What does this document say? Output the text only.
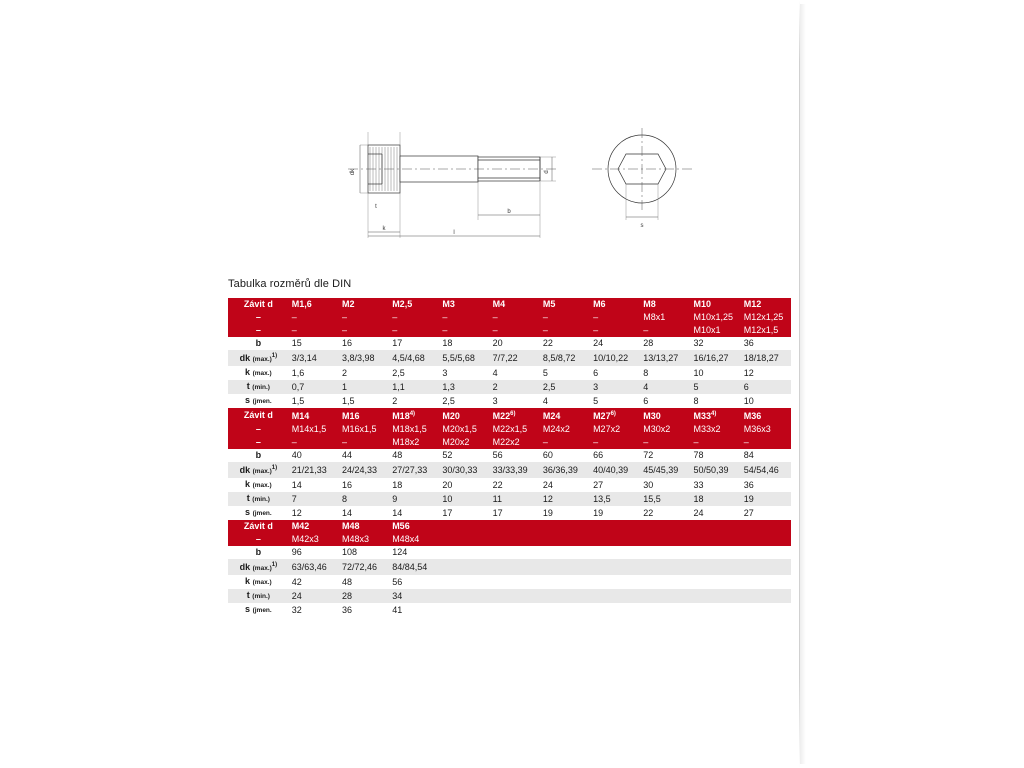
dk	d
k
b
l
s
t
Tabulka rozměrů dle DIN
Závit d	M1,6	M2	M2,5	M3	M4	M5	M6	M8	M10	M12
–	–	–	–	–	–	–	–	M8x1	M10x1,25	M12x1,25
–	–	–	–	–	–	–	–	–	M10x1	M12x1,5
b	15	16	17	18	20	22	24	28	32	36
dk $(\max.)^{1)}$	3/3,14	3,8/3,98	4,5/4,68	5,5/5,68	7/7,22	8,5/8,72	10/10,22	13/13,27	16/16,27	18/18,27
k (max.)	1,6	2	2,5	3	4	5	6	8	10	12
t (min.)	0,7	1	1,1	1,3	2	2,5	3	4	5	6
s (jmen.	1,5	1,5	2	2,5	3	4	5	6	8	10
Závit d	M14	M16	M18$^{4)}$	M20	M22$^{6)}$	M24	M27$^{6)}$	M30	M33$^{4)}$	M36
–	M14x1,5	M16x1,5	M18x1,5	M20x1,5	M22x1,5	M24x2	M27x2	M30x2	M33x2	M36x3
–	–	–	M18x2	M20x2	M22x2	–	–	–	–	–
b	40	44	48	52	56	60	66	72	78	84
dk $(\max.)^{1)}$	21/21,33	24/24,33	27/27,33	30/30,33	33/33,39	36/36,39	40/40,39	45/45,39	50/50,39	54/54,46
k (max.)	14	16	18	20	22	24	27	30	33	36
t (min.)	7	8	9	10	11	12	13,5	15,5	18	19
s (jmen.	12	14	14	17	17	19	19	22	24	27
Závit d	M42	M48	M56							
–	M42x3	M48x3	M48x4							
b	96	108	124							
dk $(\max.)^{1)}$	63/63,46	72/72,46	84/84,54							
k (max.)	42	48	56							
t (min.)	24	28	34							
s (jmen.	32	36	41							
